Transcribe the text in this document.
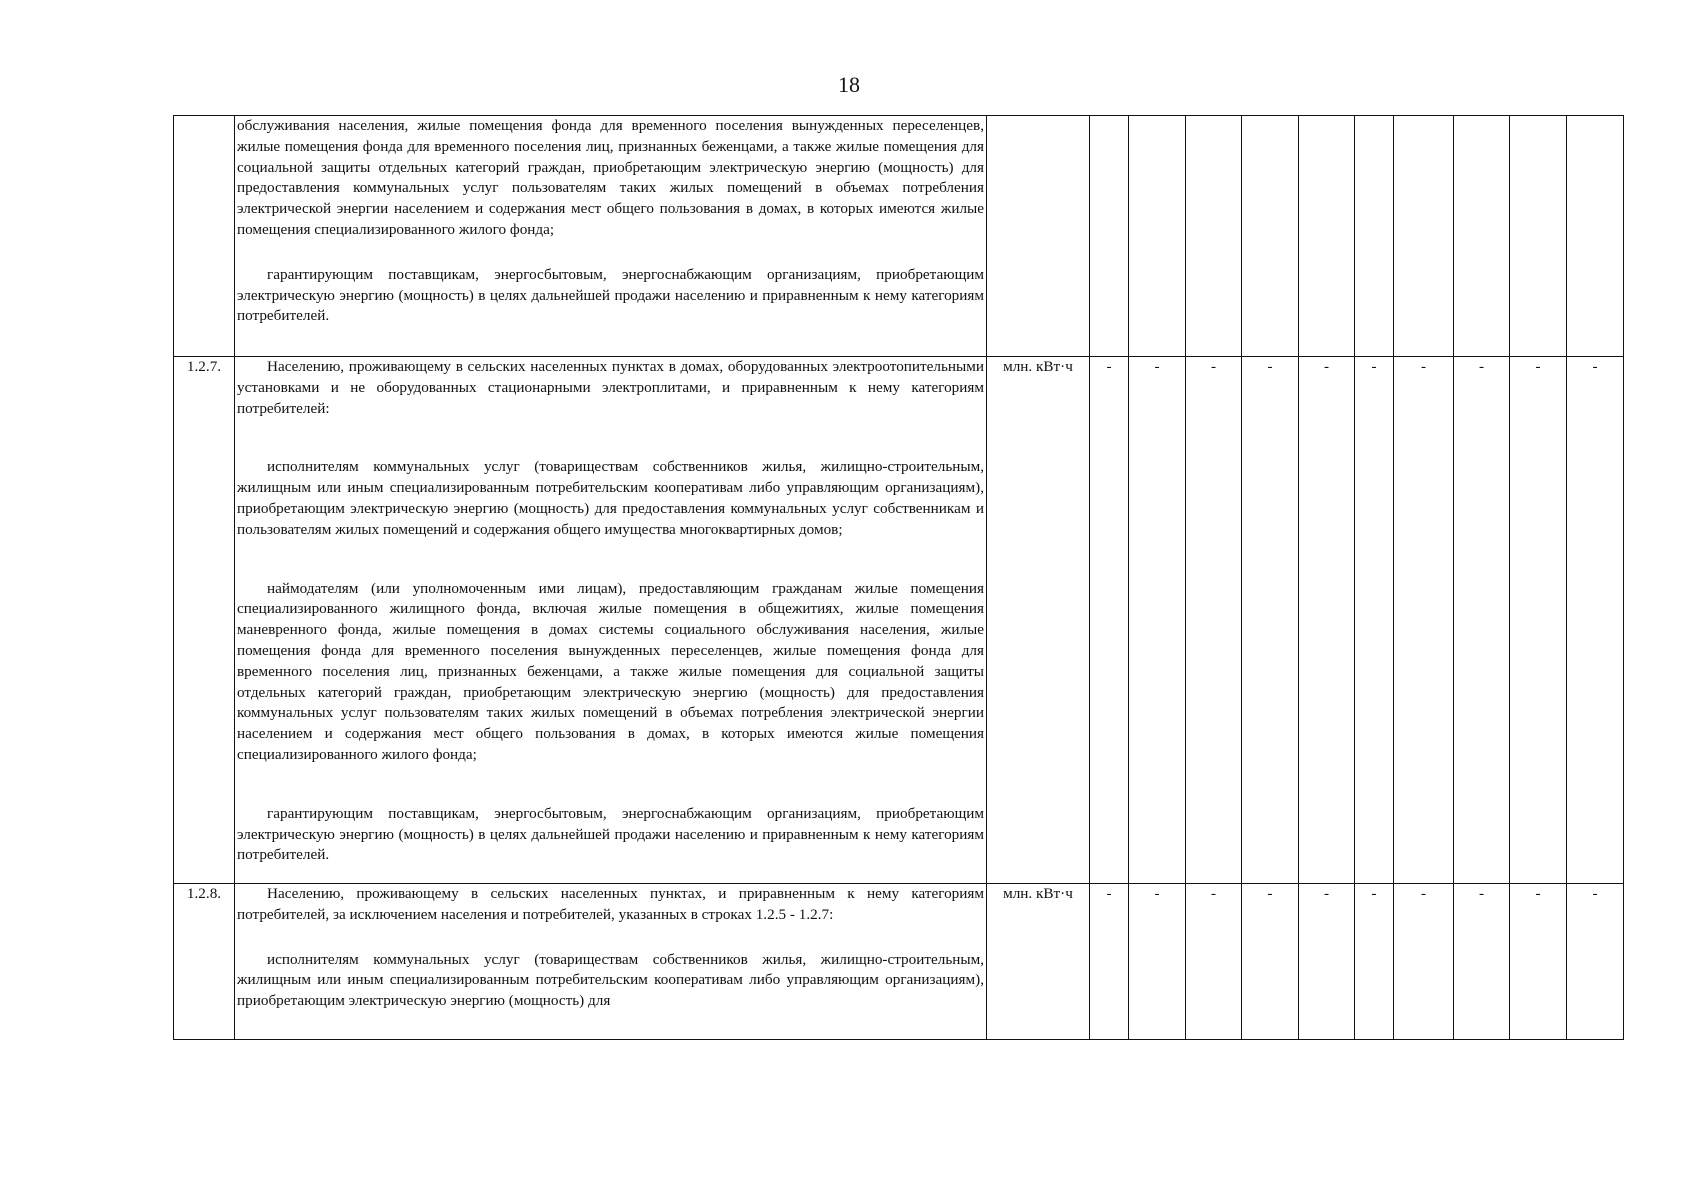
18

	обслуживания населения, жилые помещения фонда для временного поселения вынужденных переселенцев, жилые помещения фонда для временного поселения лиц, признанных беженцами, а также жилые помещения для социальной защиты отдельных категорий граждан, приобретающим электрическую энергию (мощность) для предоставления коммунальных услуг пользователям таких жилых помещений в объемах потребления электрической энергии населением и содержания мест общего пользования в домах, в которых имеются жилые помещения специализированного жилого фонда;

гарантирующим поставщикам, энергосбытовым, энергоснабжающим организациям, приобретающим электрическую энергию (мощность) в целях дальнейшей продажи населению и приравненным к нему категориям потребителей.											

1.2.7.	Населению, проживающему в сельских населенных пунктах в домах, оборудованных электроотопительными установками и не оборудованных стационарными электроплитами, и приравненным к нему категориям потребителей:

исполнителям коммунальных услуг (товариществам собственников жилья, жилищно-строительным, жилищным или иным специализированным потребительским кооперативам либо управляющим организациям), приобретающим электрическую энергию (мощность) для предоставления коммунальных услуг собственникам и пользователям жилых помещений и содержания общего имущества многоквартирных домов;

наймодателям (или уполномоченным ими лицам), предоставляющим гражданам жилые помещения специализированного жилищного фонда, включая жилые помещения в общежитиях, жилые помещения маневренного фонда, жилые помещения в домах системы социального обслуживания населения, жилые помещения фонда для временного поселения вынужденных переселенцев, жилые помещения фонда для временного поселения лиц, признанных беженцами, а также жилые помещения для социальной защиты отдельных категорий граждан, приобретающим электрическую энергию (мощность) для предоставления коммунальных услуг пользователям таких жилых помещений в объемах потребления электрической энергии населением и содержания мест общего пользования в домах, в которых имеются жилые помещения специализированного жилого фонда;

гарантирующим поставщикам, энергосбытовым, энергоснабжающим организациям, приобретающим электрическую энергию (мощность) в целях дальнейшей продажи населению и приравненным к нему категориям потребителей.	млн. кВт·ч	-	-	-	-	-	-	-	-	-	-
1.2.8.	Населению, проживающему в сельских населенных пунктах, и приравненным к нему категориям потребителей, за исключением населения и потребителей, указанных в строках 1.2.5 - 1.2.7:

исполнителям коммунальных услуг (товариществам собственников жилья, жилищно-строительным, жилищным или иным специализированным потребительским кооперативам либо управляющим организациям), приобретающим электрическую энергию (мощность) для	млн. кВт·ч	-	-	-	-	-	-	-	-	-	-
